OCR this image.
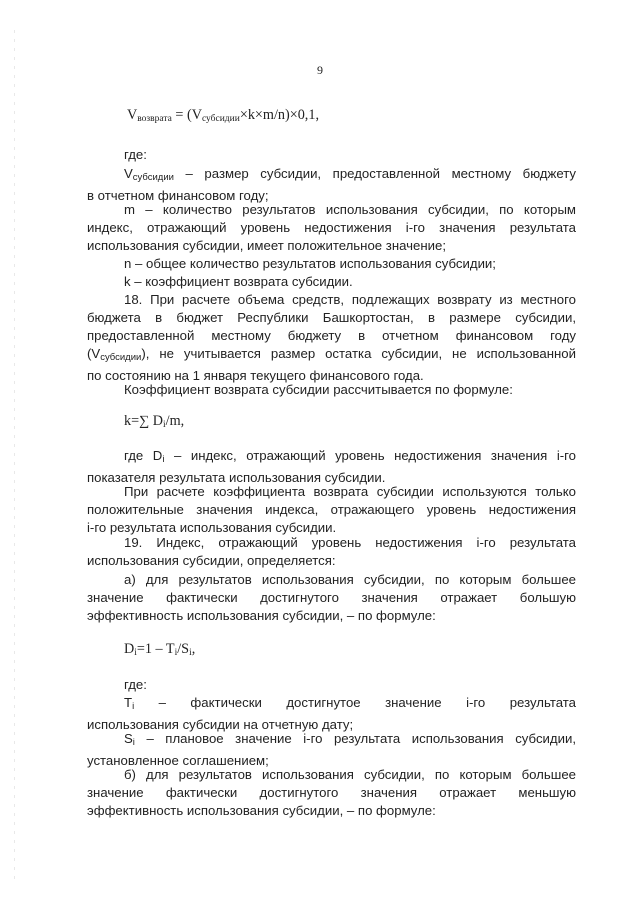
9
$V_{возврата} = (V_{субсидии}\times k\times m/n)\times 0,1$,
где:
$V_{субсидии}$ – размер субсидии, предоставленной местному бюджету
в отчетном финансовом году;
m – количество результатов использования субсидии, по которым
индекс, отражающий уровень недостижения i-го значения результата
использования субсидии, имеет положительное значение;
n – общее количество результатов использования субсидии;
k – коэффициент возврата субсидии.
18. При расчете объема средств, подлежащих возврату из местного
бюджета в бюджет Республики Башкортостан, в размере субсидии,
предоставленной местному бюджету в отчетном финансовом году
$(V_{субсидии})$, не учитывается размер остатка субсидии, не использованной
по состоянию на 1 января текущего финансового года.
Коэффициент возврата субсидии рассчитывается по формуле:
k=∑ $D_i/m$,
где $D_i$ – индекс, отражающий уровень недостижения значения i-го
показателя результата использования субсидии.
При расчете коэффициента возврата субсидии используются только
положительные значения индекса, отражающего уровень недостижения
i-го результата использования субсидии.
19. Индекс, отражающий уровень недостижения i-го результата
использования субсидии, определяется:
а) для результатов использования субсидии, по которым большее
значение фактически достигнутого значения отражает большую
эффективность использования субсидии, – по формуле:
$D_i=1 - T_i/S_i$,
где:
$T_i$ – фактически достигнутое значение i-го результата
использования субсидии на отчетную дату;
$S_i$ – плановое значение i-го результата использования субсидии,
установленное соглашением;
б) для результатов использования субсидии, по которым большее
значение фактически достигнутого значения отражает меньшую
эффективность использования субсидии, – по формуле:
